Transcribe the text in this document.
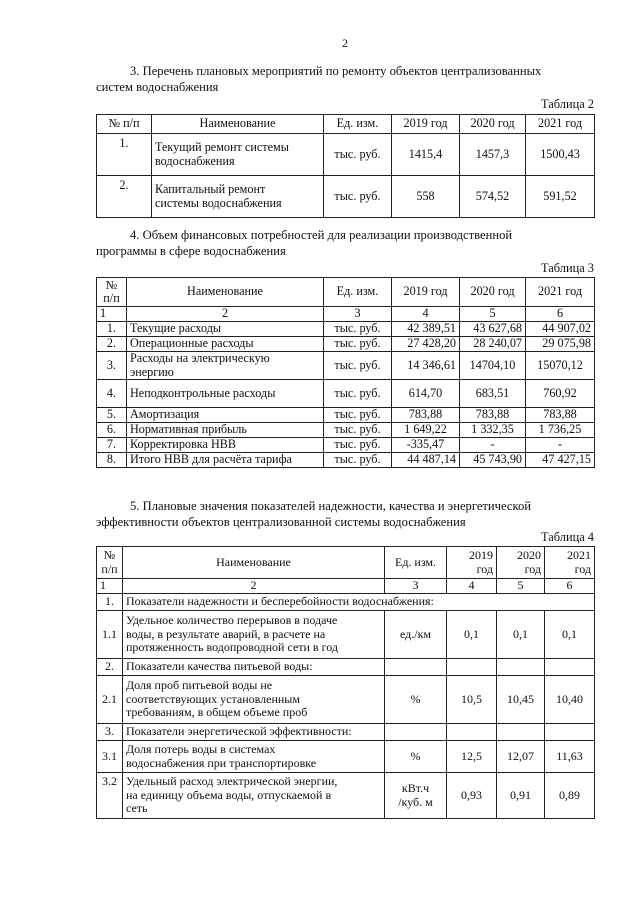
2
3. Перечень плановых мероприятий по ремонту объектов централизованных
систем водоснабжения
Таблица 2
№ п/п	Наименование	Ед. изм.	2019 год	2020 год	2021 год
1.	Текущий ремонт системы
водоснабжения	тыс. руб.	1415,4	1457,3	1500,43
2.	Капитальный ремонт
системы водоснабжения	тыс. руб.	558	574,52	591,52
4. Объем финансовых потребностей для реализации производственной
программы в сфере водоснабжения
Таблица 3
№
п/п	Наименование	Ед. изм.	2019 год	2020 год	2021 год
1	2	3	4	5	6
1.	Текущие расходы	тыс. руб.	42 389,51	43 627,68	44 907,02
2.	Операционные расходы	тыс. руб.	27 428,20	28 240,07	29 075,98
3.	Расходы на электрическую
энергию	тыс. руб.	14 346,61	14704,10	15070,12
4.	Неподконтрольные расходы	тыс. руб.	614,70	683,51	760,92
5.	Амортизация	тыс. руб.	783,88	783,88	783,88
6.	Нормативная прибыль	тыс. руб.	1 649,22	1 332,35	1 736,25
7.	Корректировка НВВ	тыс. руб.	-335,47	-	-
8.	Итого НВВ для расчёта тарифа	тыс. руб.	44 487,14	45 743,90	47 427,15
5. Плановые значения показателей надежности, качества и энергетической
эффективности объектов централизованной системы водоснабжения
Таблица 4
№
п/п	Наименование	Ед. изм.	2019
год	2020
год	2021
год
1	2	3	4	5	6
1.	Показатели надежности и бесперебойности водоснабжения:				
1.1	Удельное количество перерывов в подаче
воды, в результате аварий, в расчете на
протяженность водопроводной сети в год	ед./км	0,1	0,1	0,1
2.	Показатели качества питьевой воды:				
2.1	Доля проб питьевой воды не
соответствующих установленным
требованиям, в общем объеме проб	%	10,5	10,45	10,40
3.	Показатели энергетической эффективности:				
3.1	Доля потерь воды в системах
водоснабжения при транспортировке	%	12,5	12,07	11,63
3.2	Удельный расход электрической энергии,
на единицу объема воды, отпускаемой в
сеть	кВт.ч
/куб. м	0,93	0,91	0,89
